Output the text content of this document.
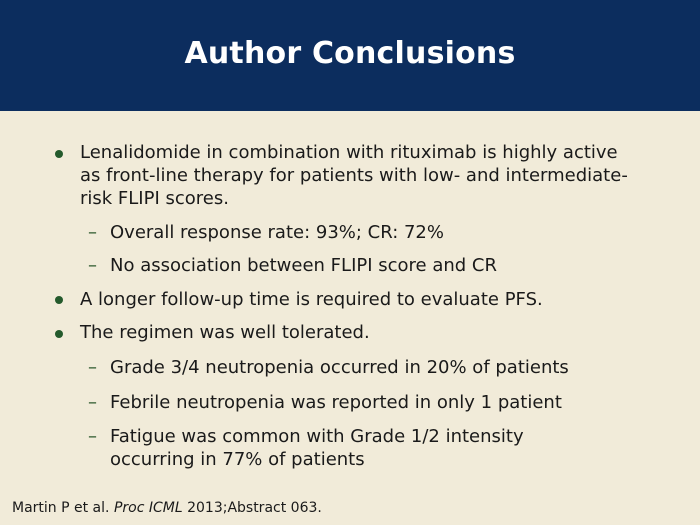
Author Conclusions
Lenalidomide in combination with rituximab is highly active as front-line therapy for patients with low- and intermediate-risk FLIPI scores.
– Overall response rate: 93%; CR: 72%
– No association between FLIPI score and CR
A longer follow-up time is required to evaluate PFS.
The regimen was well tolerated.
– Grade 3/4 neutropenia occurred in 20% of patients
– Febrile neutropenia was reported in only 1 patient
– Fatigue was common with Grade 1/2 intensity occurring in 77% of patients
Martin P et al. Proc ICML 2013;Abstract 063.
